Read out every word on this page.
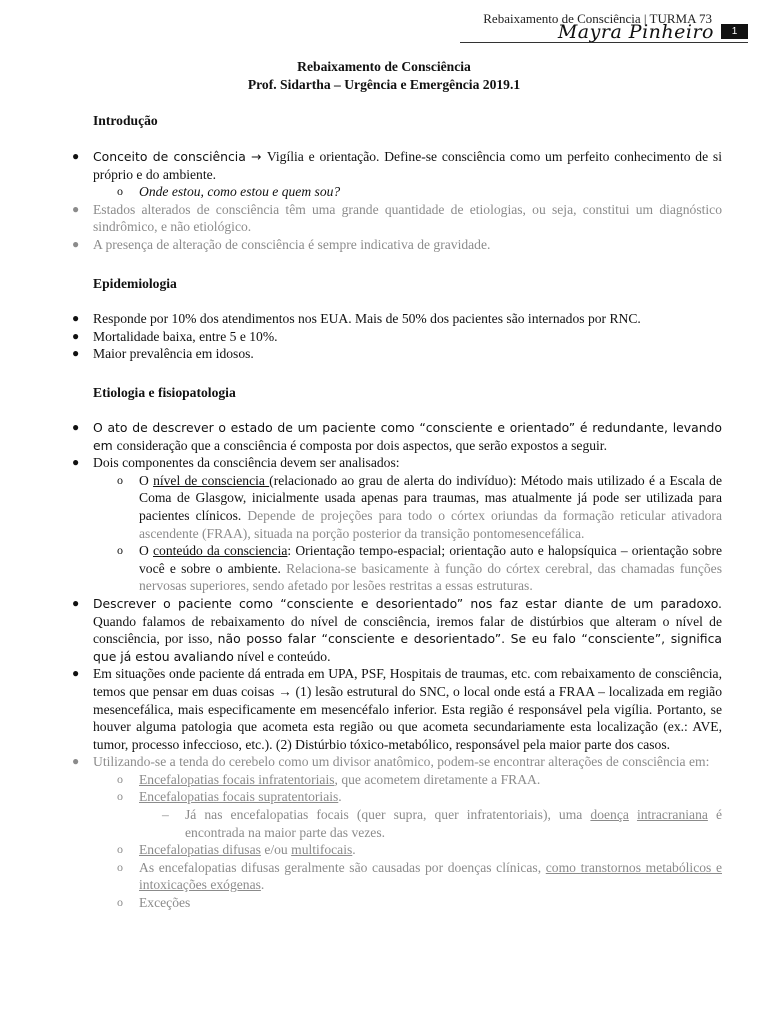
Rebaixamento de Consciência | TURMA 73
Mayra Pinheiro	1
Rebaixamento de Consciência
Prof. Sidartha – Urgência e Emergência 2019.1
Introdução
● Conceito de consciência → Vigília e orientação. Define-se consciência como um perfeito conhecimento de si próprio e do ambiente.
o Onde estou, como estou e quem sou?
● Estados alterados de consciência têm uma grande quantidade de etiologias, ou seja, constitui um diagnóstico sindrômico, e não etiológico.
● A presença de alteração de consciência é sempre indicativa de gravidade.
Epidemiologia
● Responde por 10% dos atendimentos nos EUA. Mais de 50% dos pacientes são internados por RNC.
● Mortalidade baixa, entre 5 e 10%.
● Maior prevalência em idosos.
Etiologia e fisiopatologia
● O ato de descrever o estado de um paciente como “consciente e orientado” é redundante, levando em consideração que a consciência é composta por dois aspectos, que serão expostos a seguir.
● Dois componentes da consciência devem ser analisados:
o O nível de consciencia (relacionado ao grau de alerta do indivíduo): Método mais utilizado é a Escala de Coma de Glasgow, inicialmente usada apenas para traumas, mas atualmente já pode ser utilizada para pacientes clínicos. Depende de projeções para todo o córtex oriundas da formação reticular ativadora ascendente (FRAA), situada na porção posterior da transição pontomesencefálica.
o O conteúdo da consciencia: Orientação tempo-espacial; orientação auto e halopsíquica – orientação sobre você e sobre o ambiente. Relaciona-se basicamente à função do córtex cerebral, das chamadas funções nervosas superiores, sendo afetado por lesões restritas a essas estruturas.
● Descrever o paciente como “consciente e desorientado” nos faz estar diante de um paradoxo. Quando falamos de rebaixamento do nível de consciência, iremos falar de distúrbios que alteram o nível de consciência, por isso, não posso falar “consciente e desorientado”. Se eu falo “consciente”, significa que já estou avaliando nível e conteúdo.
● Em situações onde paciente dá entrada em UPA, PSF, Hospitais de traumas, etc. com rebaixamento de consciência, temos que pensar em duas coisas → (1) lesão estrutural do SNC, o local onde está a FRAA – localizada em região mesencefálica, mais especificamente em mesencéfalo inferior. Esta região é responsável pela vigília. Portanto, se houver alguma patologia que acometa esta região ou que acometa secundariamente esta localização (ex.: AVE, tumor, processo infeccioso, etc.). (2) Distúrbio tóxico-metabólico, responsável pela maior parte dos casos.
● Utilizando-se a tenda do cerebelo como um divisor anatômico, podem-se encontrar alterações de consciência em:
o Encefalopatias focais infratentoriais, que acometem diretamente a FRAA.
o Encefalopatias focais supratentoriais.
– Já nas encefalopatias focais (quer supra, quer infratentoriais), uma doença intracraniana é encontrada na maior parte das vezes.
o Encefalopatias difusas e/ou multifocais.
o As encefalopatias difusas geralmente são causadas por doenças clínicas, como transtornos metabólicos e intoxicações exógenas.
o Exceções
